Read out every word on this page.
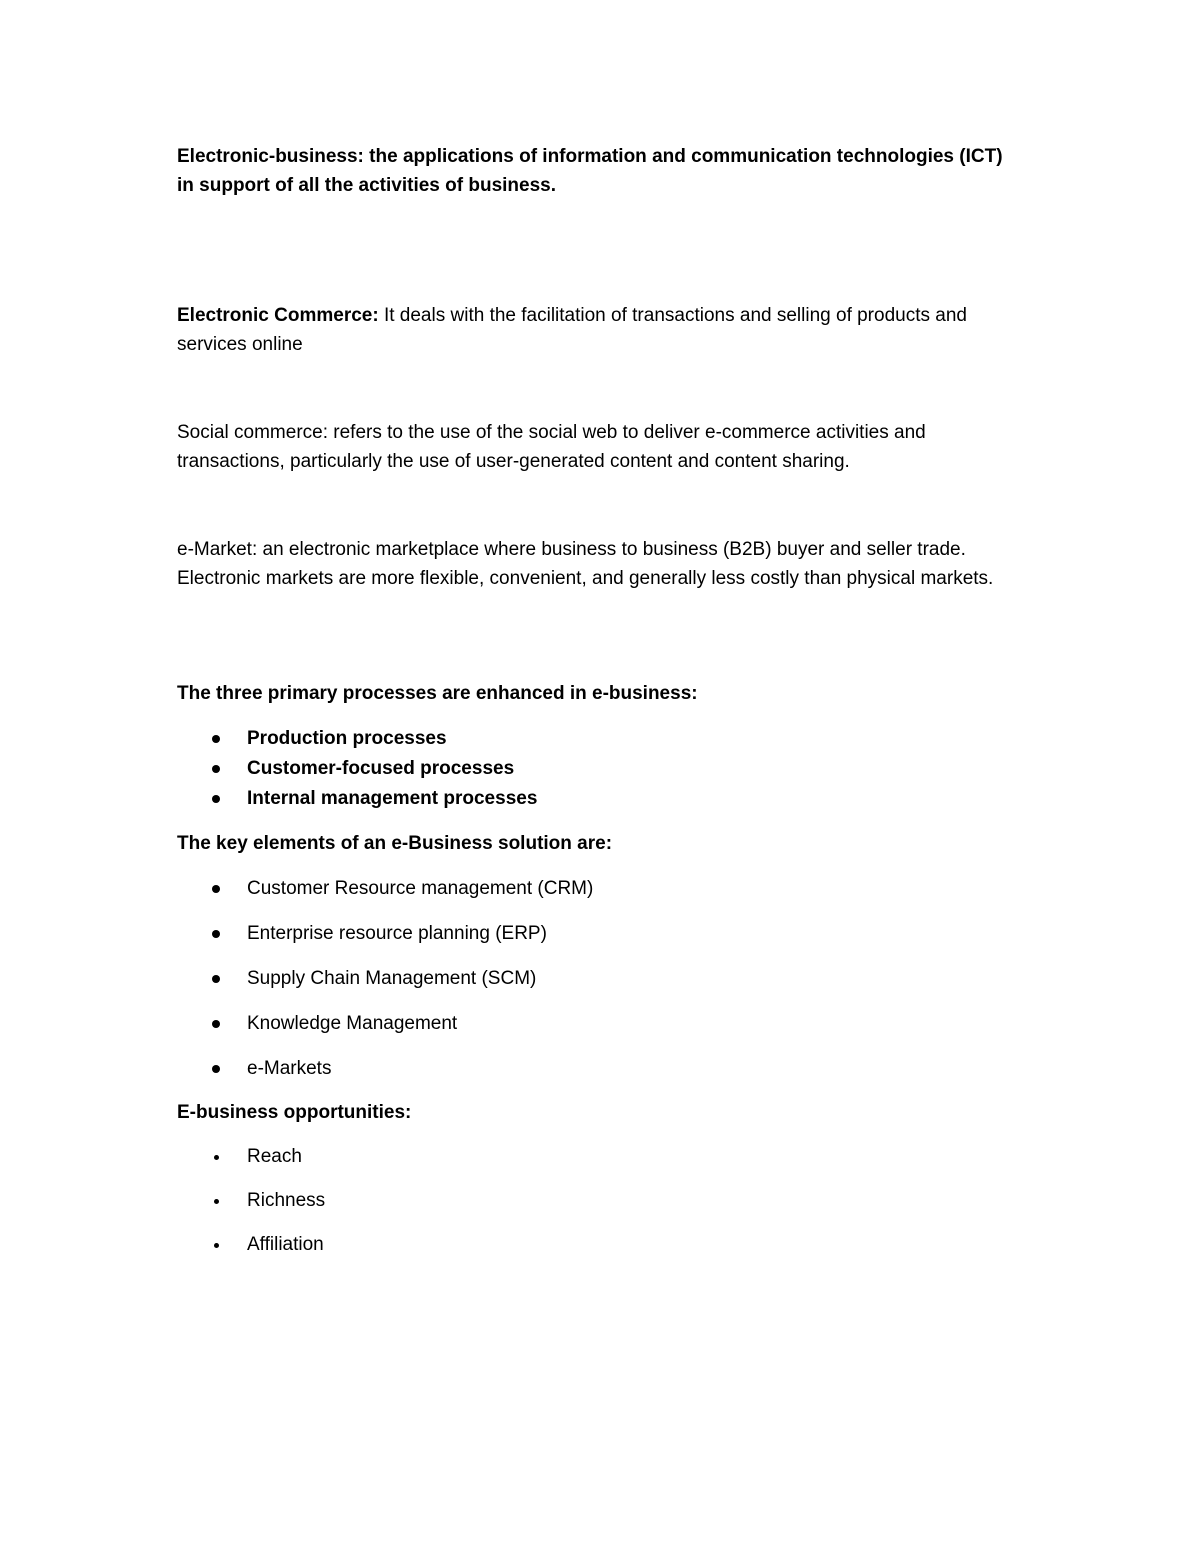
Electronic-business: the applications of information and communication technologies (ICT) in support of all the activities of business.

Electronic Commerce: It deals with the facilitation of transactions and selling of products and services online

Social commerce: refers to the use of the social web to deliver e-commerce activities and transactions, particularly the use of user-generated content and content sharing.

e-Market: an electronic marketplace where business to business (B2B) buyer and seller trade. Electronic markets are more flexible, convenient, and generally less costly than physical markets.

The three primary processes are enhanced in e-business:

Production processes
Customer-focused processes
Internal management processes

The key elements of an e-Business solution are:

Customer Resource management (CRM)
Enterprise resource planning (ERP)
Supply Chain Management (SCM)
Knowledge Management
e-Markets

E-business opportunities:

Reach
Richness
Affiliation
